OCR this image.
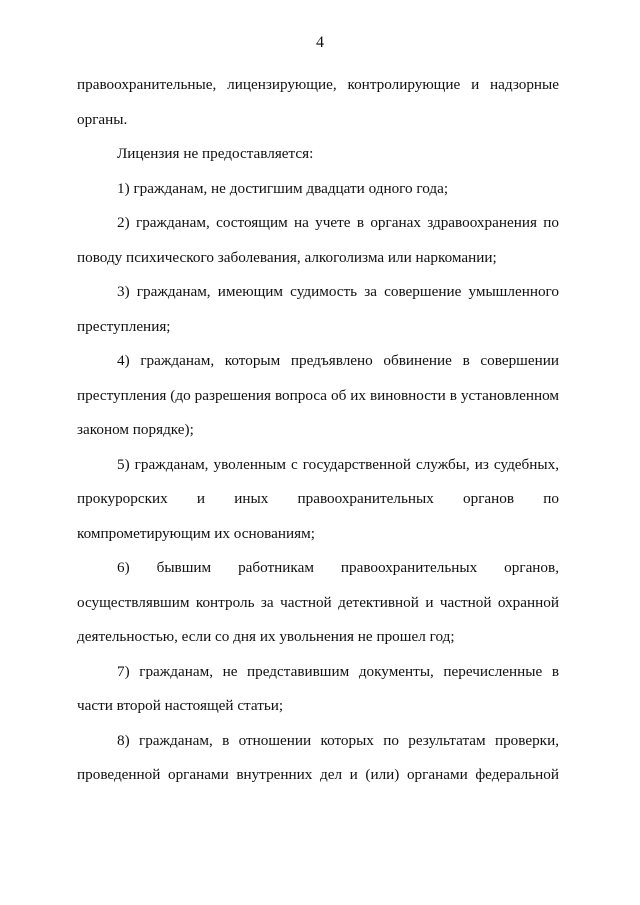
4

правоохранительные, лицензирующие, контролирующие и надзорные органы.

Лицензия не предоставляется:

1) гражданам, не достигшим двадцати одного года;

2) гражданам, состоящим на учете в органах здравоохранения по поводу психического заболевания, алкоголизма или наркомании;

3) гражданам, имеющим судимость за совершение умышленного преступления;

4) гражданам, которым предъявлено обвинение в совершении преступления (до разрешения вопроса об их виновности в установленном законом порядке);

5) гражданам, уволенным с государственной службы, из судебных, прокурорских и иных правоохранительных органов по компрометирующим их основаниям;

6) бывшим работникам правоохранительных органов, осуществлявшим контроль за частной детективной и частной охранной деятельностью, если со дня их увольнения не прошел год;

7) гражданам, не представившим документы, перечисленные в части второй настоящей статьи;

8) гражданам, в отношении которых по результатам проверки, проведенной органами внутренних дел и (или) органами федеральной
